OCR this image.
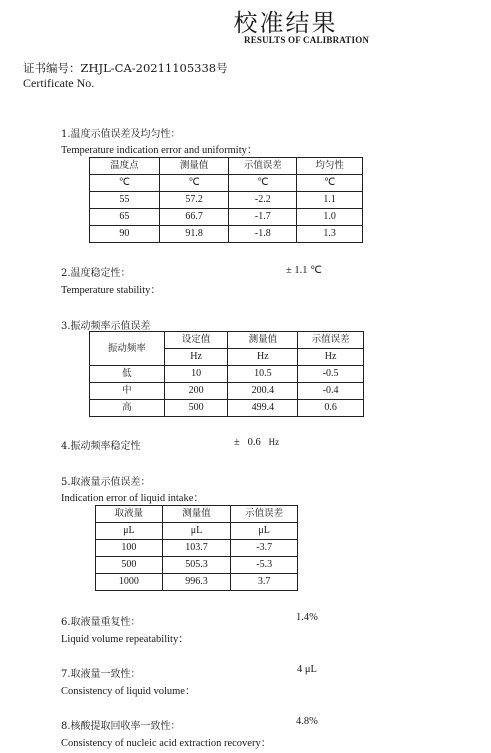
校准结果
RESULTS OF CALIBRATION
证书编号：ZHJL-CA-20211105338号
Certificate No.
1.温度示值误差及均匀性：
Temperature indication error and uniformity：
温度点	测量值	示值误差	均匀性
℃	℃	℃	℃
55	57.2	-2.2	1.1
65	66.7	-1.7	1.0
90	91.8	-1.8	1.3
2.温度稳定性：	± 1.1 ℃
Temperature stability：
3.振动频率示值误差
振动频率	设定值	测量值	示值误差
	Hz	Hz	Hz
低	10	10.5	-0.5
中	200	200.4	-0.4
高	500	499.4	0.6
4.振动频率稳定性	± 0.6 Hz
5.取液量示值误差：
Indication error of liquid intake：
取液量	测量值	示值误差
μL	μL	μL
100	103.7	-3.7
500	505.3	-5.3
1000	996.3	3.7
6.取液量重复性：	1.4%
Liquid volume repeatability：
7.取液量一致性：	4 μL
Consistency of liquid volume：
8.核酸提取回收率一致性：	4.8%
Consistency of nucleic acid extraction recovery：
